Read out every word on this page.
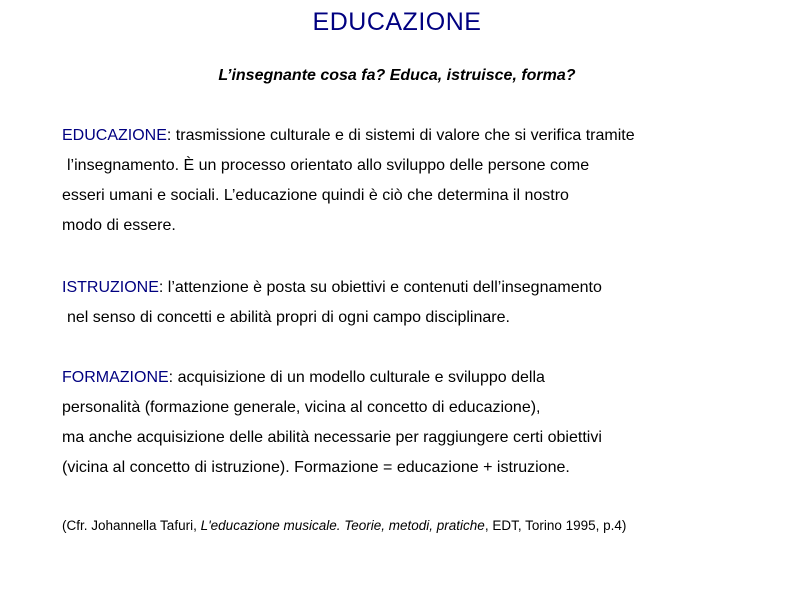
EDUCAZIONE
L’insegnante cosa fa? Educa, istruisce, forma?
EDUCAZIONE: trasmissione culturale e di sistemi di valore che si verifica tramite
l’insegnamento. È un processo orientato allo sviluppo delle persone come
esseri umani e sociali. L’educazione quindi è ciò che determina il nostro
modo di essere.
ISTRUZIONE: l’attenzione è posta su obiettivi e contenuti dell’insegnamento
nel senso di concetti e abilità propri di ogni campo disciplinare.
FORMAZIONE: acquisizione di un modello culturale e sviluppo della
personalità (formazione generale, vicina al concetto di educazione),
ma anche acquisizione delle abilità necessarie per raggiungere certi obiettivi
(vicina al concetto di istruzione). Formazione = educazione + istruzione.
(Cfr. Johannella Tafuri, L'educazione musicale. Teorie, metodi, pratiche, EDT, Torino 1995, p.4)
